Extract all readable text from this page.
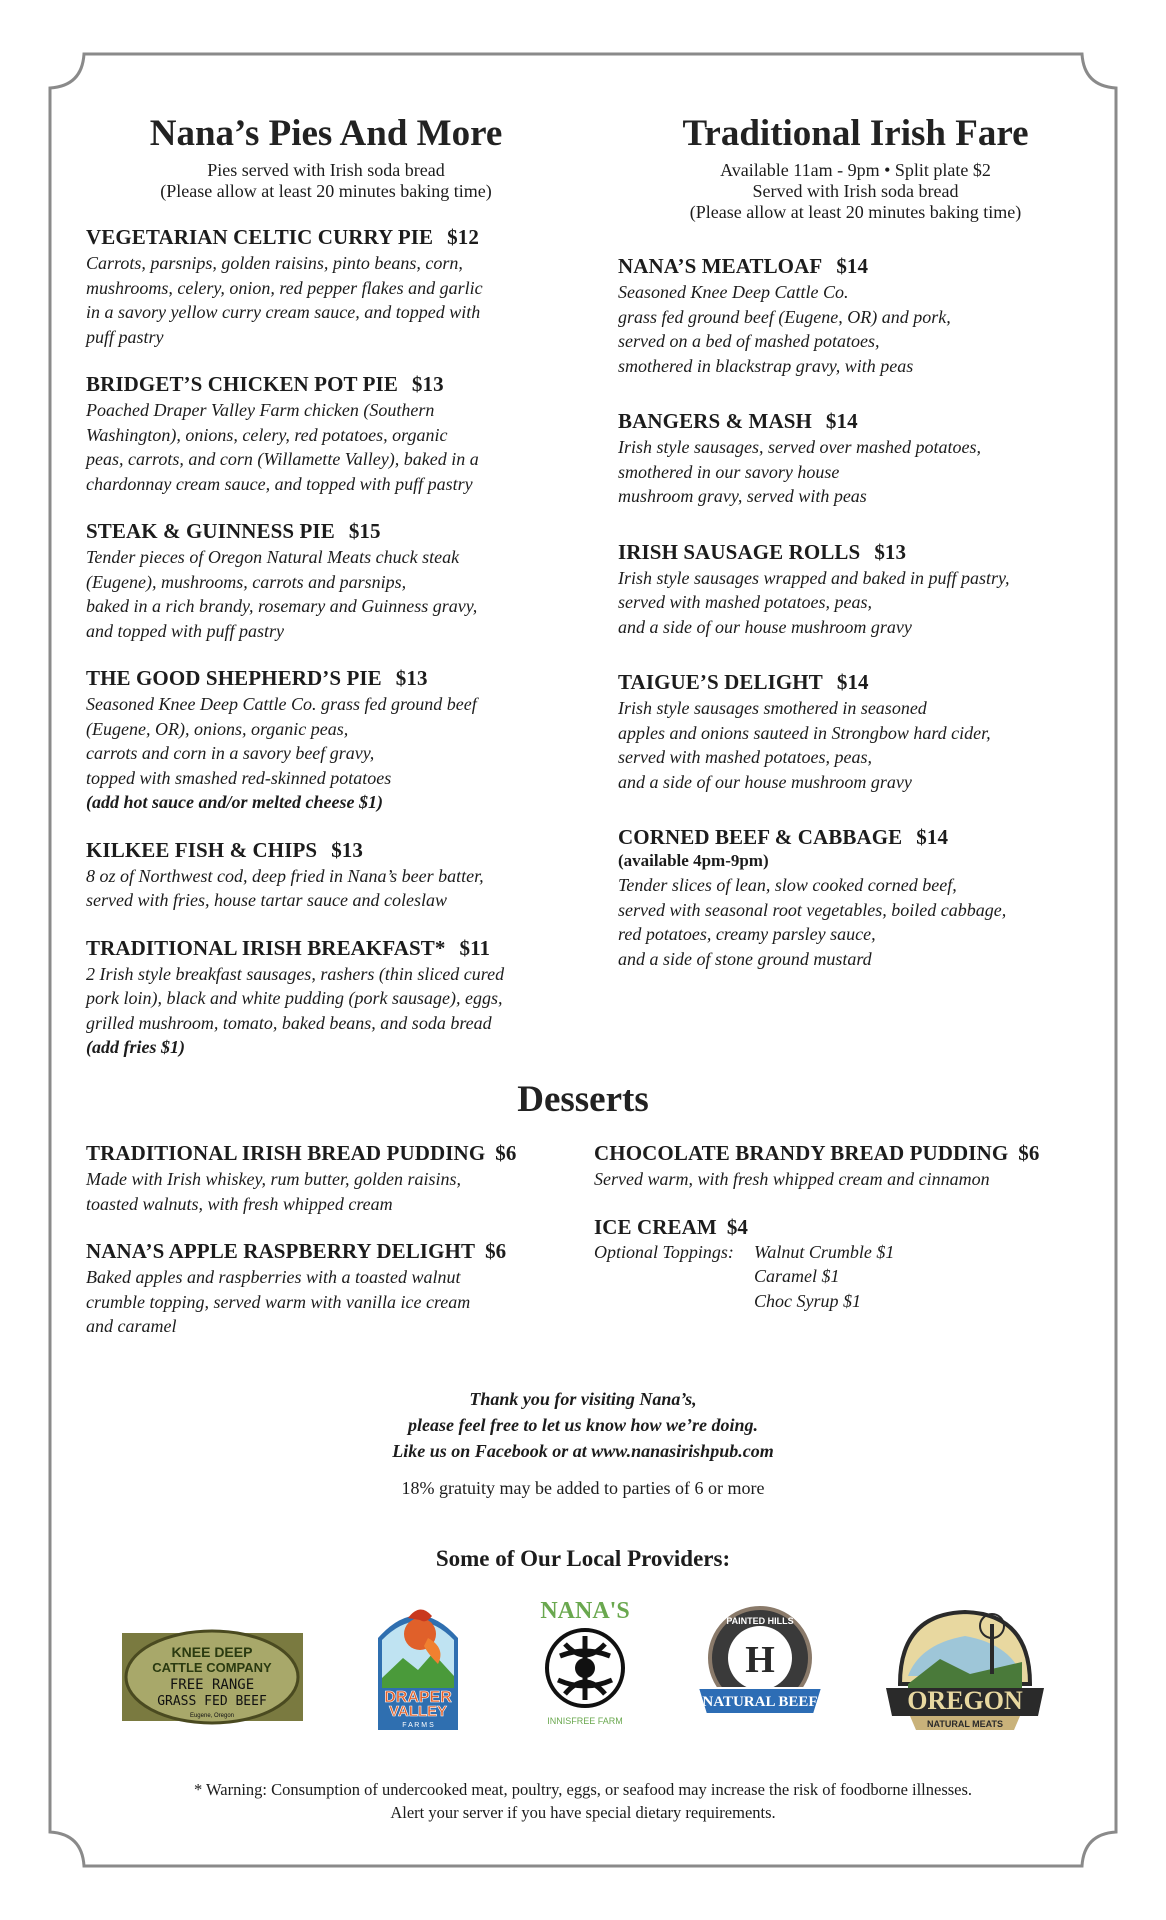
Nana’s Pies And More
Pies served with Irish soda bread
(Please allow at least 20 minutes baking time)
VEGETARIAN CELTIC CURRY PIE $12
Carrots, parsnips, golden raisins, pinto beans, corn,
mushrooms, celery, onion, red pepper flakes and garlic
in a savory yellow curry cream sauce, and topped with
puff pastry
BRIDGET’S CHICKEN POT PIE $13
Poached Draper Valley Farm chicken (Southern
Washington), onions, celery, red potatoes, organic
peas, carrots, and corn (Willamette Valley), baked in a
chardonnay cream sauce, and topped with puff pastry
STEAK & GUINNESS PIE $15
Tender pieces of Oregon Natural Meats chuck steak
(Eugene), mushrooms, carrots and parsnips,
baked in a rich brandy, rosemary and Guinness gravy,
and topped with puff pastry
THE GOOD SHEPHERD’S PIE $13
Seasoned Knee Deep Cattle Co. grass fed ground beef
(Eugene, OR), onions, organic peas,
carrots and corn in a savory beef gravy,
topped with smashed red-skinned potatoes
(add hot sauce and/or melted cheese $1)
KILKEE FISH & CHIPS $13
8 oz of Northwest cod, deep fried in Nana’s beer batter,
served with fries, house tartar sauce and coleslaw
TRADITIONAL IRISH BREAKFAST* $11
2 Irish style breakfast sausages, rashers (thin sliced cured
pork loin), black and white pudding (pork sausage), eggs,
grilled mushroom, tomato, baked beans, and soda bread
(add fries $1)
Traditional Irish Fare
Available 11am - 9pm • Split plate $2
Served with Irish soda bread
(Please allow at least 20 minutes baking time)
NANA’S MEATLOAF $14
Seasoned Knee Deep Cattle Co.
grass fed ground beef (Eugene, OR) and pork,
served on a bed of mashed potatoes,
smothered in blackstrap gravy, with peas
BANGERS & MASH $14
Irish style sausages, served over mashed potatoes,
smothered in our savory house
mushroom gravy, served with peas
IRISH SAUSAGE ROLLS $13
Irish style sausages wrapped and baked in puff pastry,
served with mashed potatoes, peas,
and a side of our house mushroom gravy
TAIGUE’S DELIGHT $14
Irish style sausages smothered in seasoned
apples and onions sauteed in Strongbow hard cider,
served with mashed potatoes, peas,
and a side of our house mushroom gravy
CORNED BEEF & CABBAGE $14
(available 4pm-9pm)
Tender slices of lean, slow cooked corned beef,
served with seasonal root vegetables, boiled cabbage,
red potatoes, creamy parsley sauce,
and a side of stone ground mustard
Desserts
TRADITIONAL IRISH BREAD PUDDING $6
Made with Irish whiskey, rum butter, golden raisins,
toasted walnuts, with fresh whipped cream
NANA’S APPLE RASPBERRY DELIGHT $6
Baked apples and raspberries with a toasted walnut
crumble topping, served warm with vanilla ice cream
and caramel
CHOCOLATE BRANDY BREAD PUDDING $6
Served warm, with fresh whipped cream and cinnamon
ICE CREAM $4
Optional Toppings: Walnut Crumble $1
Caramel $1
Choc Syrup $1
Thank you for visiting Nana’s,
please feel free to let us know how we’re doing.
Like us on Facebook or at www.nanasirishpub.com
18% gratuity may be added to parties of 6 or more
Some of Our Local Providers:
KNEE DEEP
CATTLE COMPANY
FREE RANGE
GRASS FED BEEF
Eugene, Oregon
DRAPER
VALLEY
F A R M S
NANA'S
INNISFREE FARM
PAINTED HILLS
H
NATURAL BEEF	OREGON
NATURAL MEATS
* Warning: Consumption of undercooked meat, poultry, eggs, or seafood may increase the risk of foodborne illnesses.
Alert your server if you have special dietary requirements.
